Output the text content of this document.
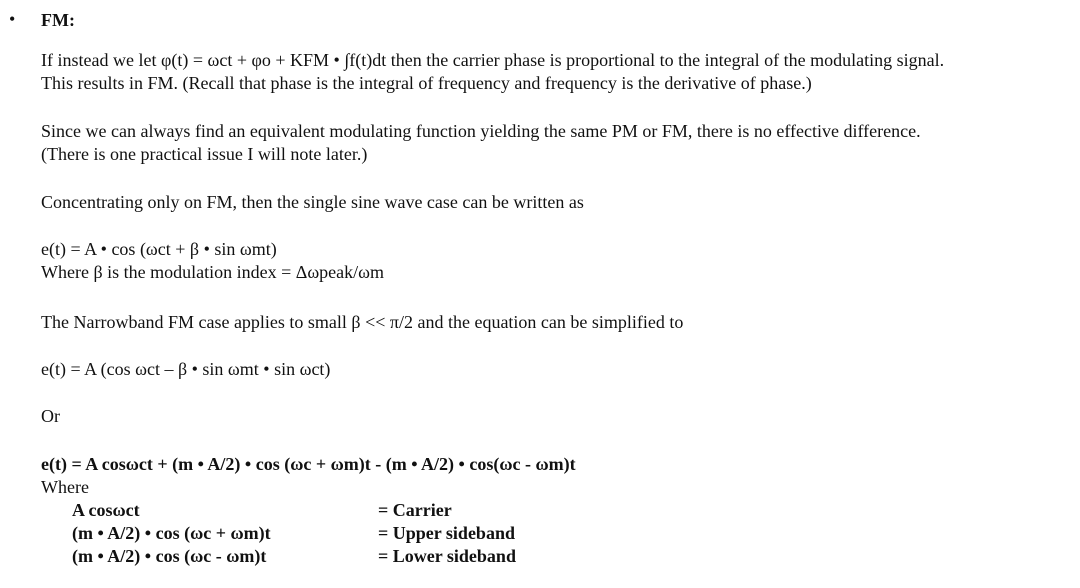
• FM:
If instead we let φ(t) = ωct + φo + KFM • ∫f(t)dt then the carrier phase is proportional to the integral of the modulating signal.
This results in FM. (Recall that phase is the integral of frequency and frequency is the derivative of phase.)
Since we can always find an equivalent modulating function yielding the same PM or FM, there is no effective difference.
(There is one practical issue I will note later.)
Concentrating only on FM, then the single sine wave case can be written as
e(t) = A • cos (ωct + β • sin ωmt)
Where β is the modulation index = Δωpeak/ωm
The Narrowband FM case applies to small β << π/2 and the equation can be simplified to
e(t) = A (cos ωct – β • sin ωmt • sin ωct)
Or
e(t) = A cosωct + (m • A/2) • cos (ωc + ωm)t - (m • A/2) • cos(ωc - ωm)t
Where
A cosωct	= Carrier
(m • A/2) • cos (ωc + ωm)t	= Upper sideband
(m • A/2) • cos (ωc - ωm)t	= Lower sideband
